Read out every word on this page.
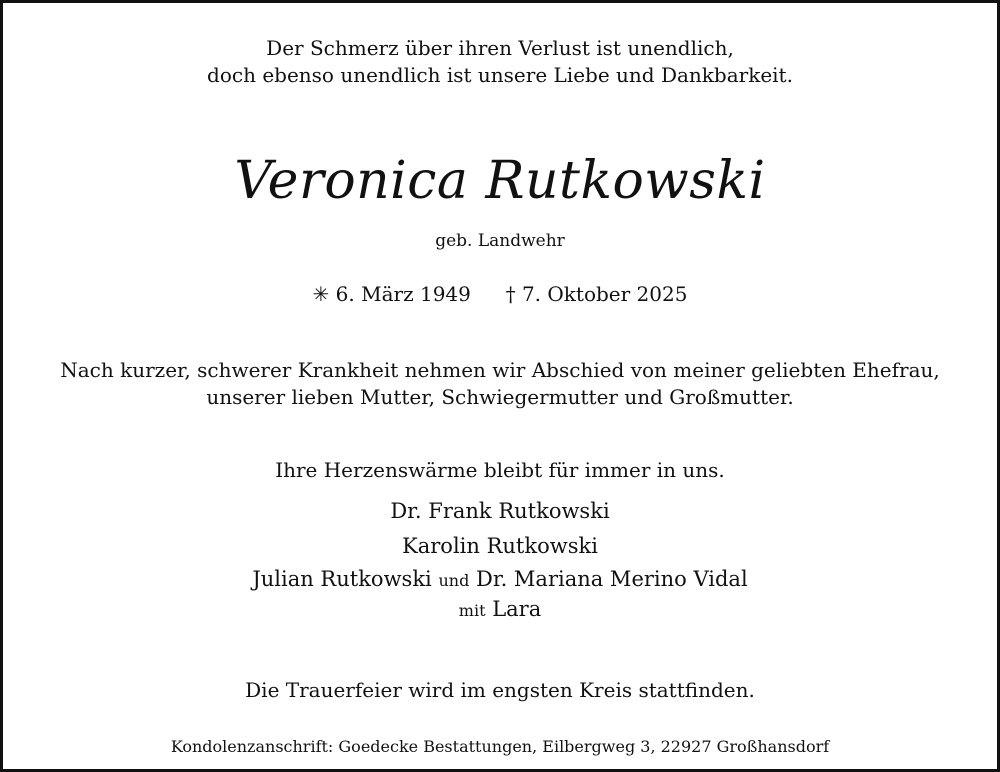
Der Schmerz über ihren Verlust ist unendlich,
doch ebenso unendlich ist unsere Liebe und Dankbarkeit.
Veronica Rutkowski
geb. Landwehr
✳ 6. März 1949 † 7. Oktober 2025
Nach kurzer, schwerer Krankheit nehmen wir Abschied von meiner geliebten Ehefrau,
unserer lieben Mutter, Schwiegermutter und Großmutter.
Ihre Herzenswärme bleibt für immer in uns.
Dr. Frank Rutkowski
Karolin Rutkowski
Julian Rutkowski und Dr. Mariana Merino Vidal
mit Lara
Die Trauerfeier wird im engsten Kreis stattfinden.
Kondolenzanschrift: Goedecke Bestattungen, Eilbergweg 3, 22927 Großhansdorf
